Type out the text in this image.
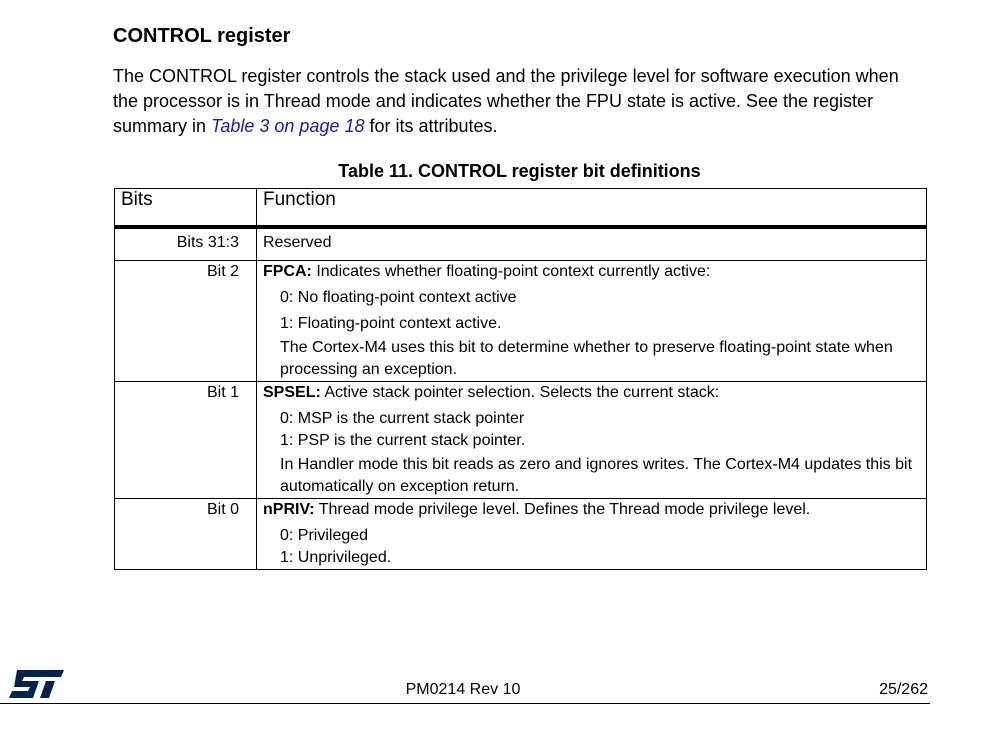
CONTROL register
The CONTROL register controls the stack used and the privilege level for software execution when the processor is in Thread mode and indicates whether the FPU state is active. See the register summary in Table 3 on page 18 for its attributes.
Table 11. CONTROL register bit definitions
Bits	Function
Bits 31:3	Reserved
Bit 2	FPCA: Indicates whether floating-point context currently active:
0: No floating-point context active
1: Floating-point context active.
The Cortex-M4 uses this bit to determine whether to preserve floating-point state when processing an exception.

Bit 1	SPSEL: Active stack pointer selection. Selects the current stack:
0: MSP is the current stack pointer
1: PSP is the current stack pointer.
In Handler mode this bit reads as zero and ignores writes. The Cortex-M4 updates this bit automatically on exception return.

Bit 0	nPRIV: Thread mode privilege level. Defines the Thread mode privilege level.
0: Privileged
1: Unprivileged.
PM0214 Rev 10	25/262
